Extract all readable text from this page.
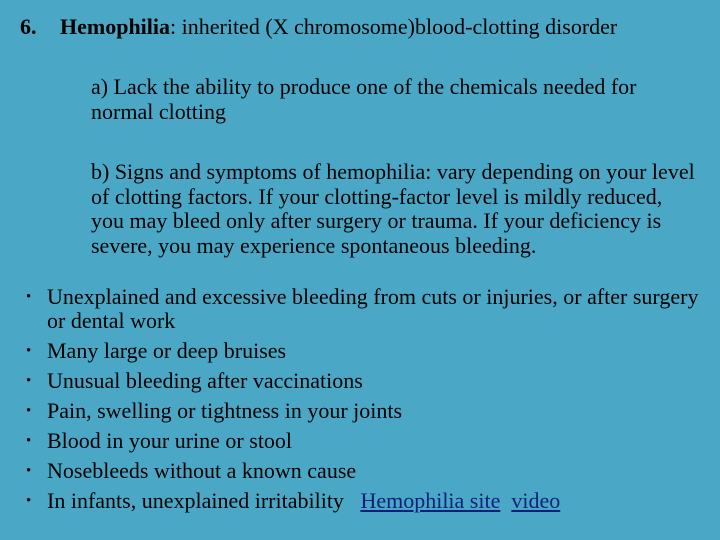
6. Hemophilia: inherited (X chromosome)blood-clotting disorder
a) Lack the ability to produce one of the chemicals needed for normal clotting
b) Signs and symptoms of hemophilia: vary depending on your level of clotting factors. If your clotting-factor level is mildly reduced, you may bleed only after surgery or trauma. If your deficiency is severe, you may experience spontaneous bleeding.
• Unexplained and excessive bleeding from cuts or injuries, or after surgery or dental work
• Many large or deep bruises
• Unusual bleeding after vaccinations
• Pain, swelling or tightness in your joints
• Blood in your urine or stool
• Nosebleeds without a known cause
• In infants, unexplained irritability Hemophilia site video
